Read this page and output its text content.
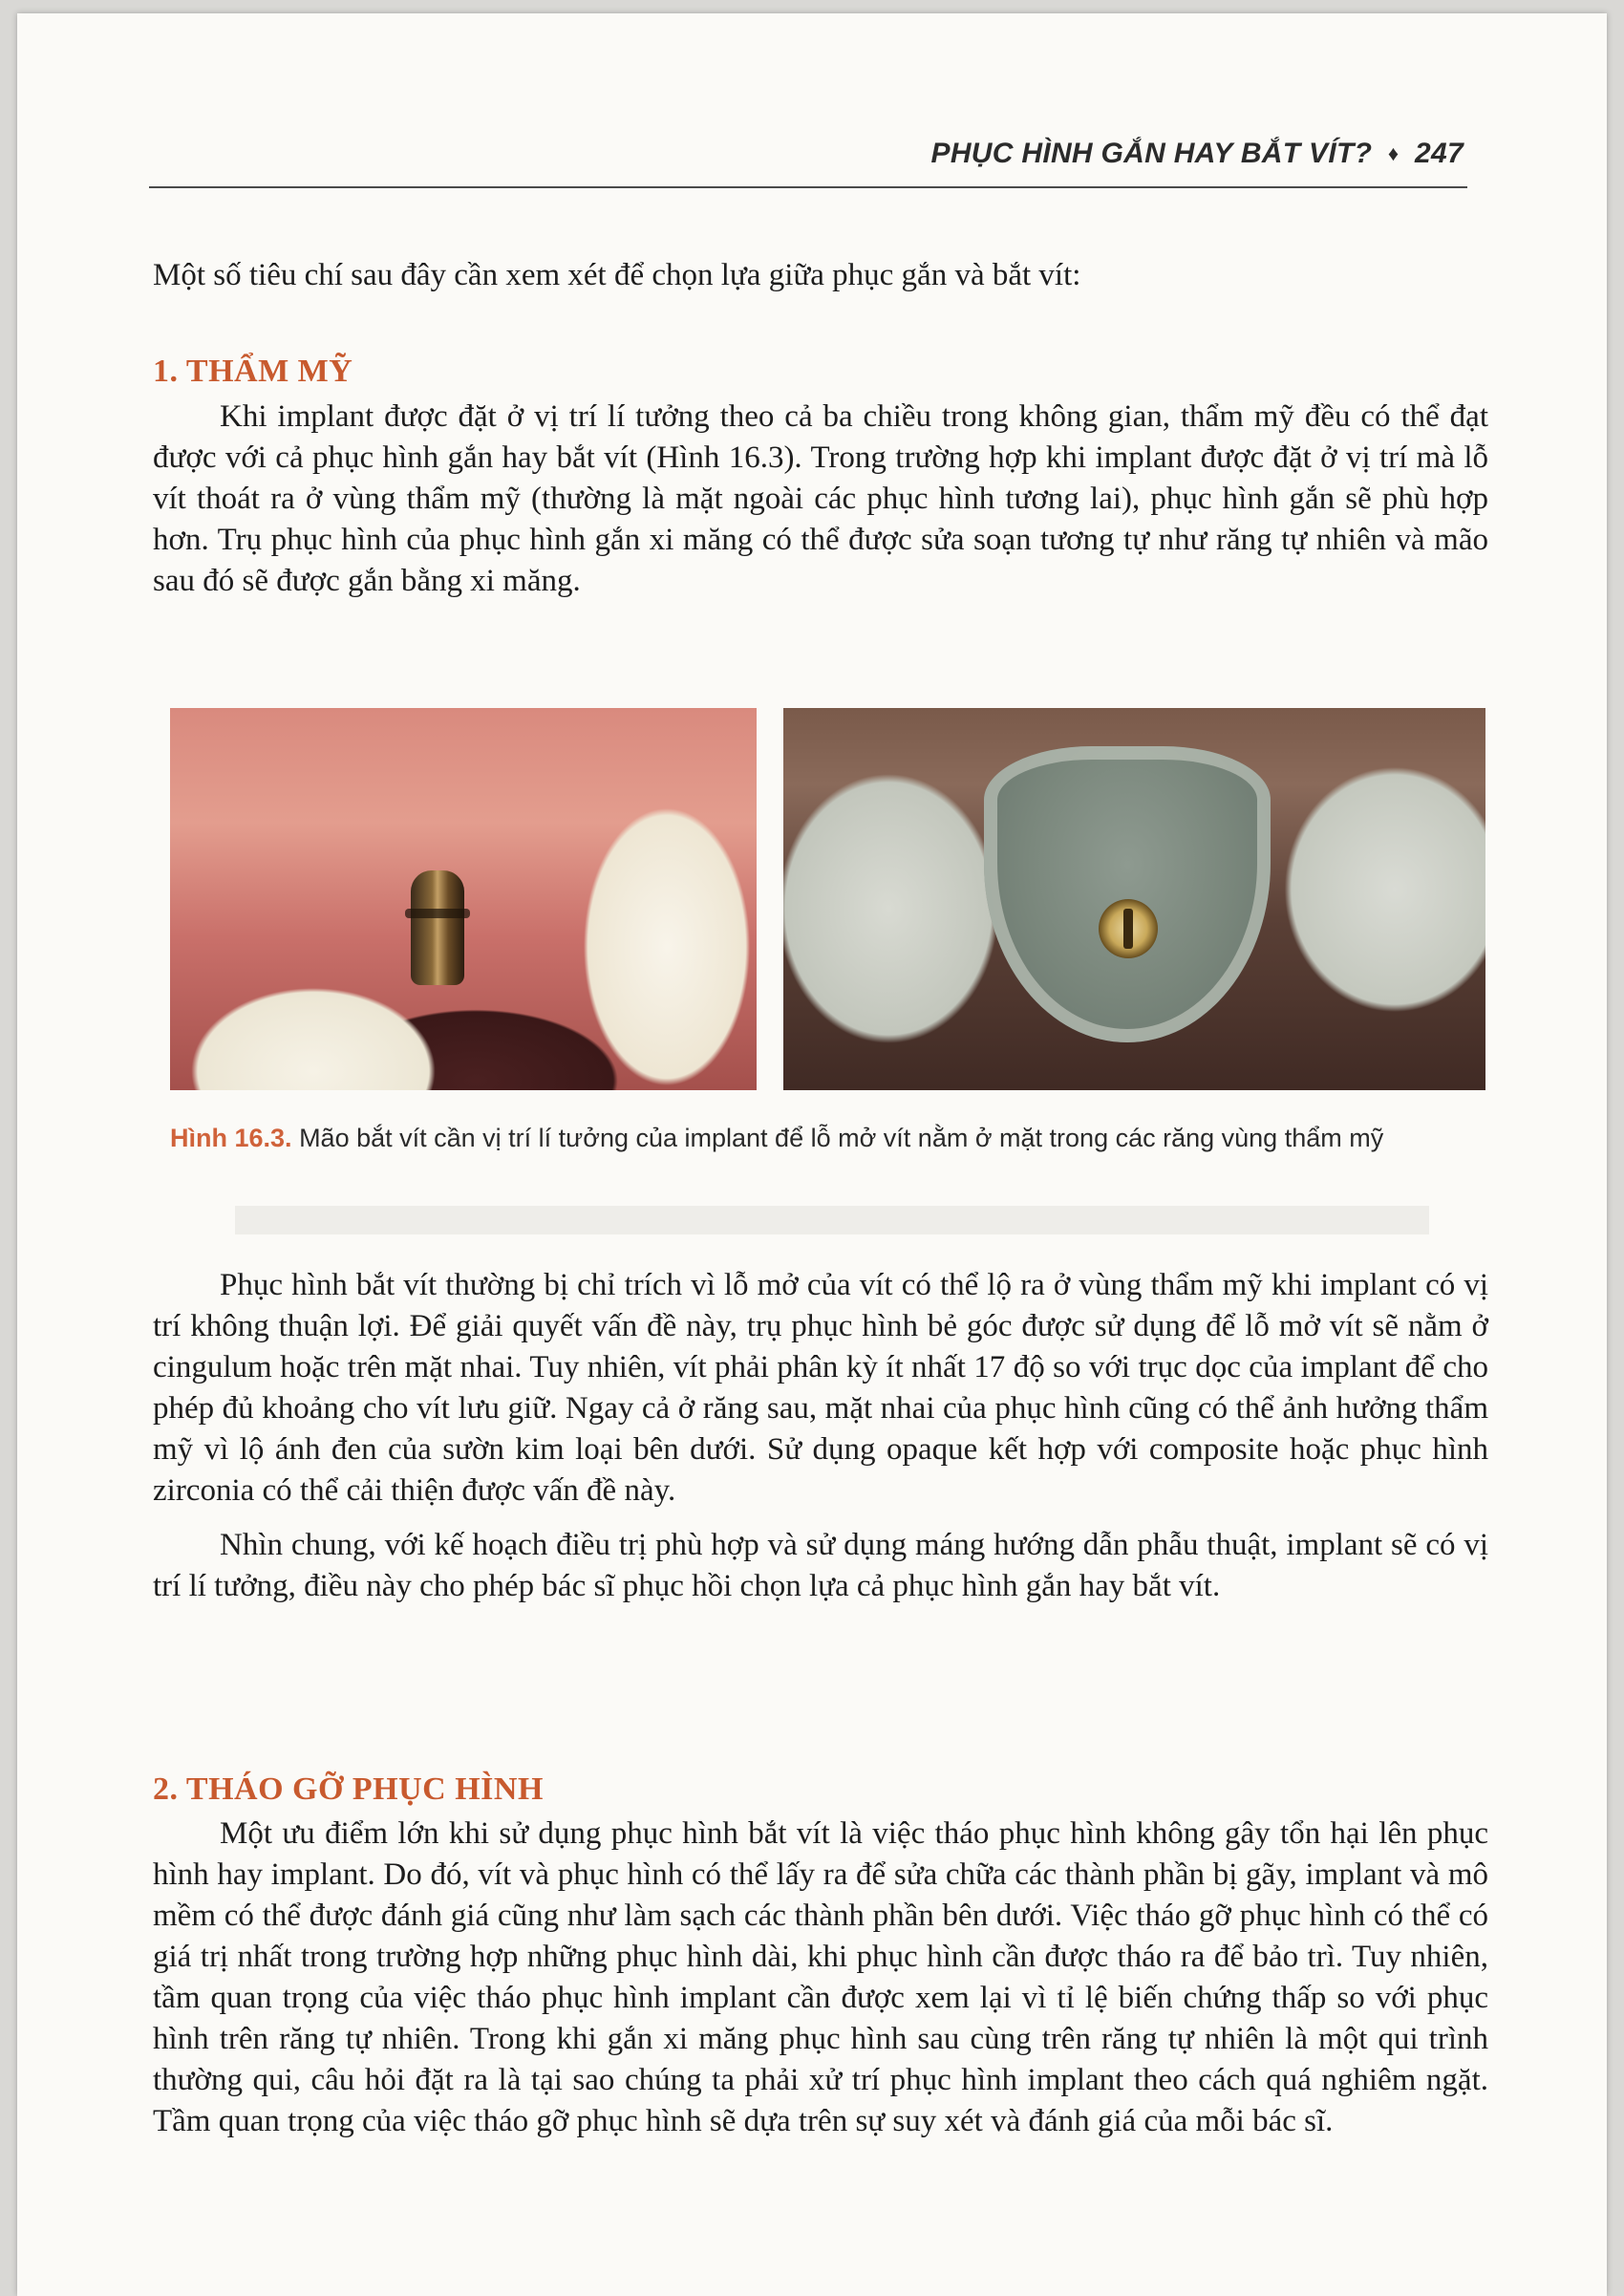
PHỤC HÌNH GẮN HAY BẮT VÍT? ♦ 247
Một số tiêu chí sau đây cần xem xét để chọn lựa giữa phục gắn và bắt vít:
1. THẨM MỸ

Khi implant được đặt ở vị trí lí tưởng theo cả ba chiều trong không gian, thẩm mỹ đều có thể đạt được với cả phục hình gắn hay bắt vít (Hình 16.3). Trong trường hợp khi implant được đặt ở vị trí mà lỗ vít thoát ra ở vùng thẩm mỹ (thường là mặt ngoài các phục hình tương lai), phục hình gắn sẽ phù hợp hơn. Trụ phục hình của phục hình gắn xi măng có thể được sửa soạn tương tự như răng tự nhiên và mão sau đó sẽ được gắn bằng xi măng.

Hình 16.3. Mão bắt vít cần vị trí lí tưởng của implant để lỗ mở vít nằm ở mặt trong các răng vùng thẩm mỹ

Phục hình bắt vít thường bị chỉ trích vì lỗ mở của vít có thể lộ ra ở vùng thẩm mỹ khi implant có vị trí không thuận lợi. Để giải quyết vấn đề này, trụ phục hình bẻ góc được sử dụng để lỗ mở vít sẽ nằm ở cingulum hoặc trên mặt nhai. Tuy nhiên, vít phải phân kỳ ít nhất 17 độ so với trục dọc của implant để cho phép đủ khoảng cho vít lưu giữ. Ngay cả ở răng sau, mặt nhai của phục hình cũng có thể ảnh hưởng thẩm mỹ vì lộ ánh đen của sườn kim loại bên dưới. Sử dụng opaque kết hợp với composite hoặc phục hình zirconia có thể cải thiện được vấn đề này.

Nhìn chung, với kế hoạch điều trị phù hợp và sử dụng máng hướng dẫn phẫu thuật, implant sẽ có vị trí lí tưởng, điều này cho phép bác sĩ phục hồi chọn lựa cả phục hình gắn hay bắt vít.

2. THÁO GỠ PHỤC HÌNH

Một ưu điểm lớn khi sử dụng phục hình bắt vít là việc tháo phục hình không gây tổn hại lên phục hình hay implant. Do đó, vít và phục hình có thể lấy ra để sửa chữa các thành phần bị gãy, implant và mô mềm có thể được đánh giá cũng như làm sạch các thành phần bên dưới. Việc tháo gỡ phục hình có thể có giá trị nhất trong trường hợp những phục hình dài, khi phục hình cần được tháo ra để bảo trì. Tuy nhiên, tầm quan trọng của việc tháo phục hình implant cần được xem lại vì tỉ lệ biến chứng thấp so với phục hình trên răng tự nhiên. Trong khi gắn xi măng phục hình sau cùng trên răng tự nhiên là một qui trình thường qui, câu hỏi đặt ra là tại sao chúng ta phải xử trí phục hình implant theo cách quá nghiêm ngặt. Tầm quan trọng của việc tháo gỡ phục hình sẽ dựa trên sự suy xét và đánh giá của mỗi bác sĩ.
